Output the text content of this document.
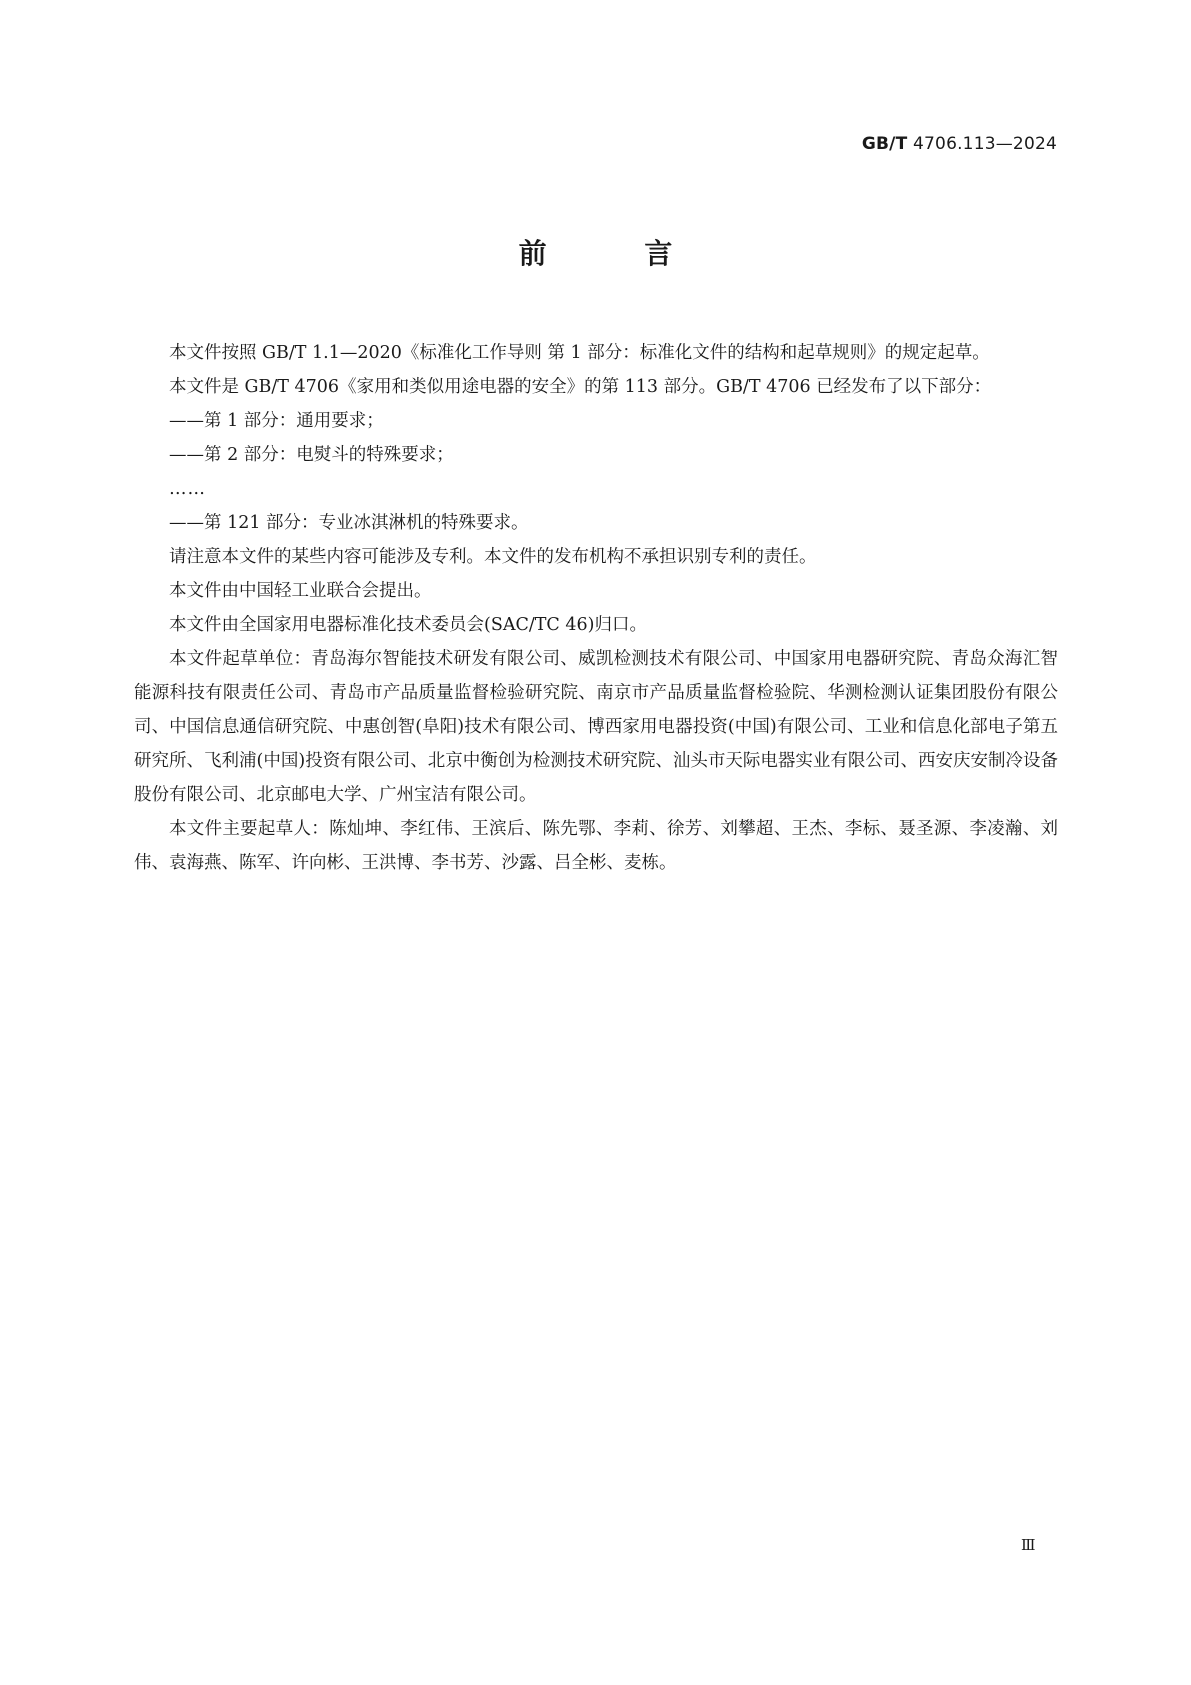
GB/T 4706.113—2024
前 言

本文件按照 GB/T 1.1—2020《标准化工作导则 第 1 部分：标准化文件的结构和起草规则》的规定起草。

本文件是 GB/T 4706《家用和类似用途电器的安全》的第 113 部分。GB/T 4706 已经发布了以下部分：

——第 1 部分：通用要求；

——第 2 部分：电熨斗的特殊要求；

……

——第 121 部分：专业冰淇淋机的特殊要求。

请注意本文件的某些内容可能涉及专利。本文件的发布机构不承担识别专利的责任。

本文件由中国轻工业联合会提出。

本文件由全国家用电器标准化技术委员会(SAC/TC 46)归口。

本文件起草单位：青岛海尔智能技术研发有限公司、威凯检测技术有限公司、中国家用电器研究院、青岛众海汇智能源科技有限责任公司、青岛市产品质量监督检验研究院、南京市产品质量监督检验院、华测检测认证集团股份有限公司、中国信息通信研究院、中惠创智(阜阳)技术有限公司、博西家用电器投资(中国)有限公司、工业和信息化部电子第五研究所、飞利浦(中国)投资有限公司、北京中衡创为检测技术研究院、汕头市天际电器实业有限公司、西安庆安制冷设备股份有限公司、北京邮电大学、广州宝洁有限公司。

本文件主要起草人：陈灿坤、李红伟、王滨后、陈先鄂、李莉、徐芳、刘攀超、王杰、李标、聂圣源、李凌瀚、刘伟、袁海燕、陈军、许向彬、王洪博、李书芳、沙露、吕全彬、麦栋。

Ⅲ
